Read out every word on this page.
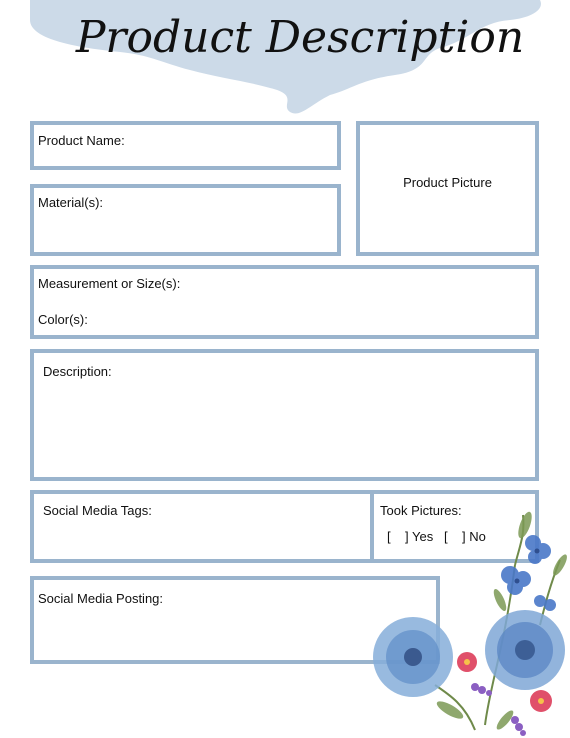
Product Description
Product Name:
Material(s):
Product Picture
Measurement or Size(s):
Color(s):
Description:
Social Media Tags:	Took Pictures:
[    ] Yes [    ] No
Social Media Posting:
